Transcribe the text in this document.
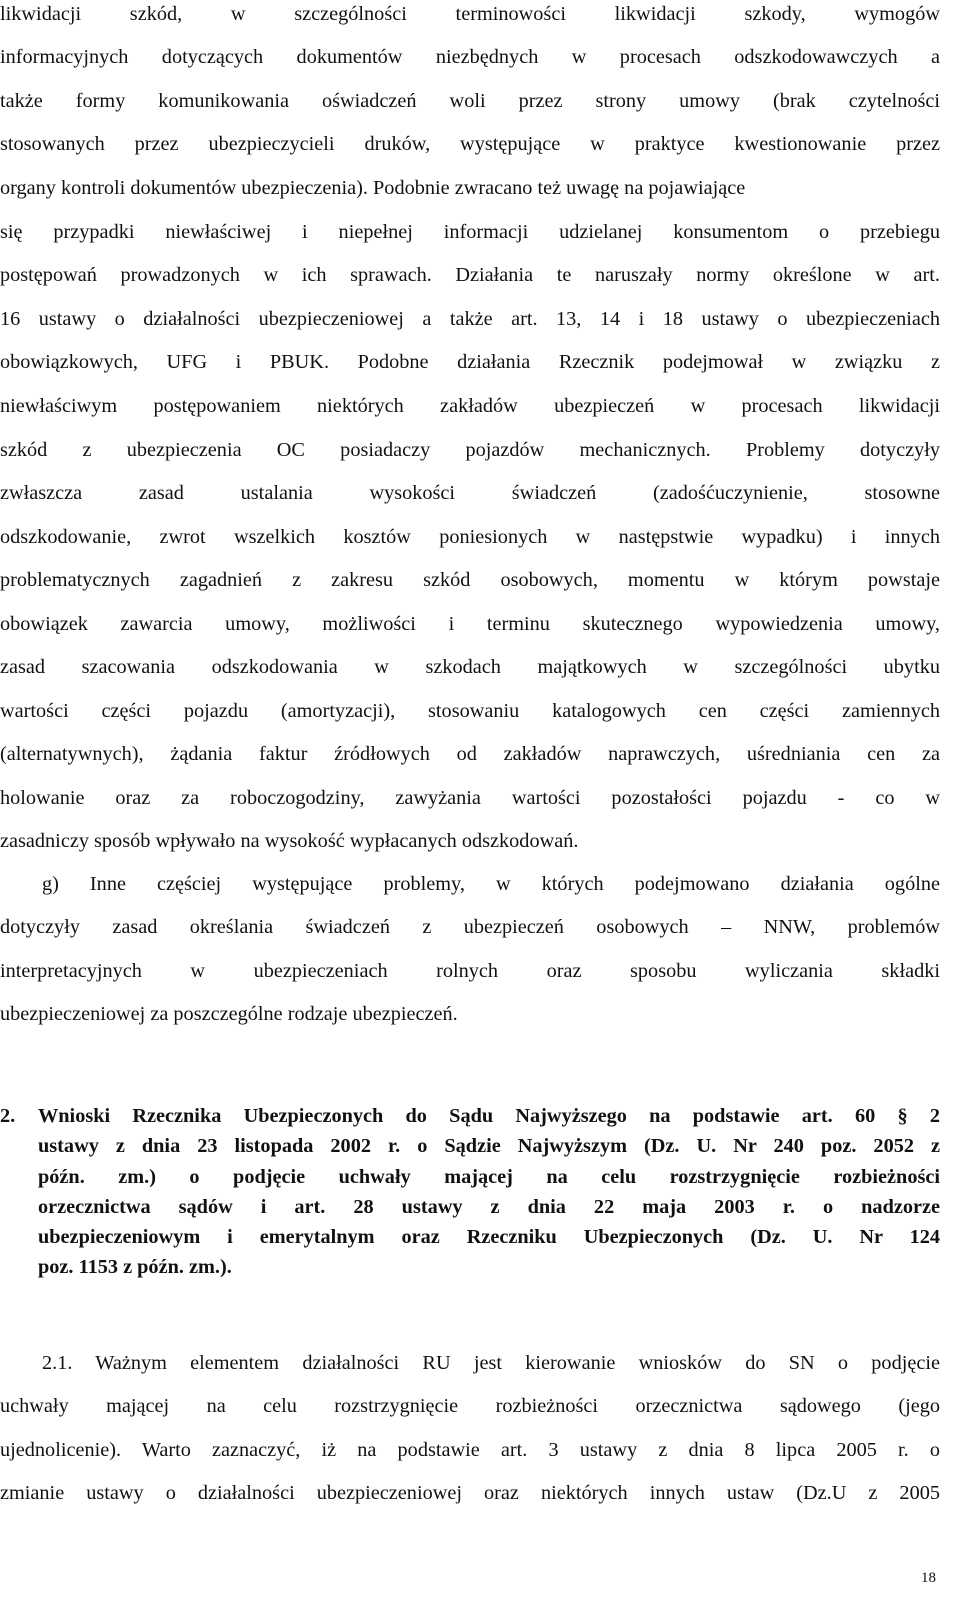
likwidacji szkód, w szczególności terminowości likwidacji szkody, wymogów
informacyjnych dotyczących dokumentów niezbędnych w procesach odszkodowawczych a
także formy komunikowania oświadczeń woli przez strony umowy (brak czytelności
stosowanych przez ubezpieczycieli druków, występujące w praktyce kwestionowanie przez
organy kontroli dokumentów ubezpieczenia). Podobnie zwracano też uwagę na pojawiające
się przypadki niewłaściwej i niepełnej informacji udzielanej konsumentom o przebiegu
postępowań prowadzonych w ich sprawach. Działania te naruszały normy określone w art.
16 ustawy o działalności ubezpieczeniowej a także art. 13, 14 i 18 ustawy o ubezpieczeniach
obowiązkowych, UFG i PBUK. Podobne działania Rzecznik podejmował w związku z
niewłaściwym postępowaniem niektórych zakładów ubezpieczeń w procesach likwidacji
szkód z ubezpieczenia OC posiadaczy pojazdów mechanicznych. Problemy dotyczyły
zwłaszcza zasad ustalania wysokości świadczeń (zadośćuczynienie, stosowne
odszkodowanie, zwrot wszelkich kosztów poniesionych w następstwie wypadku) i innych
problematycznych zagadnień z zakresu szkód osobowych, momentu w którym powstaje
obowiązek zawarcia umowy, możliwości i terminu skutecznego wypowiedzenia umowy,
zasad szacowania odszkodowania w szkodach majątkowych w szczególności ubytku
wartości części pojazdu (amortyzacji), stosowaniu katalogowych cen części zamiennych
(alternatywnych), żądania faktur źródłowych od zakładów naprawczych, uśredniania cen za
holowanie oraz za roboczogodziny, zawyżania wartości pozostałości pojazdu - co w
zasadniczy sposób wpływało na wysokość wypłacanych odszkodowań.
g) Inne częściej występujące problemy, w których podejmowano działania ogólne
dotyczyły zasad określania świadczeń z ubezpieczeń osobowych – NNW, problemów
interpretacyjnych w ubezpieczeniach rolnych oraz sposobu wyliczania składki
ubezpieczeniowej za poszczególne rodzaje ubezpieczeń.
2.	Wnioski Rzecznika Ubezpieczonych do Sądu Najwyższego na podstawie art. 60 § 2
ustawy z dnia 23 listopada 2002 r. o Sądzie Najwyższym (Dz. U. Nr 240 poz. 2052 z
późn. zm.) o podjęcie uchwały mającej na celu rozstrzygnięcie rozbieżności
orzecznictwa sądów i art. 28 ustawy z dnia 22 maja 2003 r. o nadzorze
ubezpieczeniowym i emerytalnym oraz Rzeczniku Ubezpieczonych (Dz. U. Nr 124
poz. 1153 z późn. zm.).
2.1. Ważnym elementem działalności RU jest kierowanie wniosków do SN o podjęcie
uchwały mającej na celu rozstrzygnięcie rozbieżności orzecznictwa sądowego (jego
ujednolicenie). Warto zaznaczyć, iż na podstawie art. 3 ustawy z dnia 8 lipca 2005 r. o
zmianie ustawy o działalności ubezpieczeniowej oraz niektórych innych ustaw (Dz.U z 2005
18
